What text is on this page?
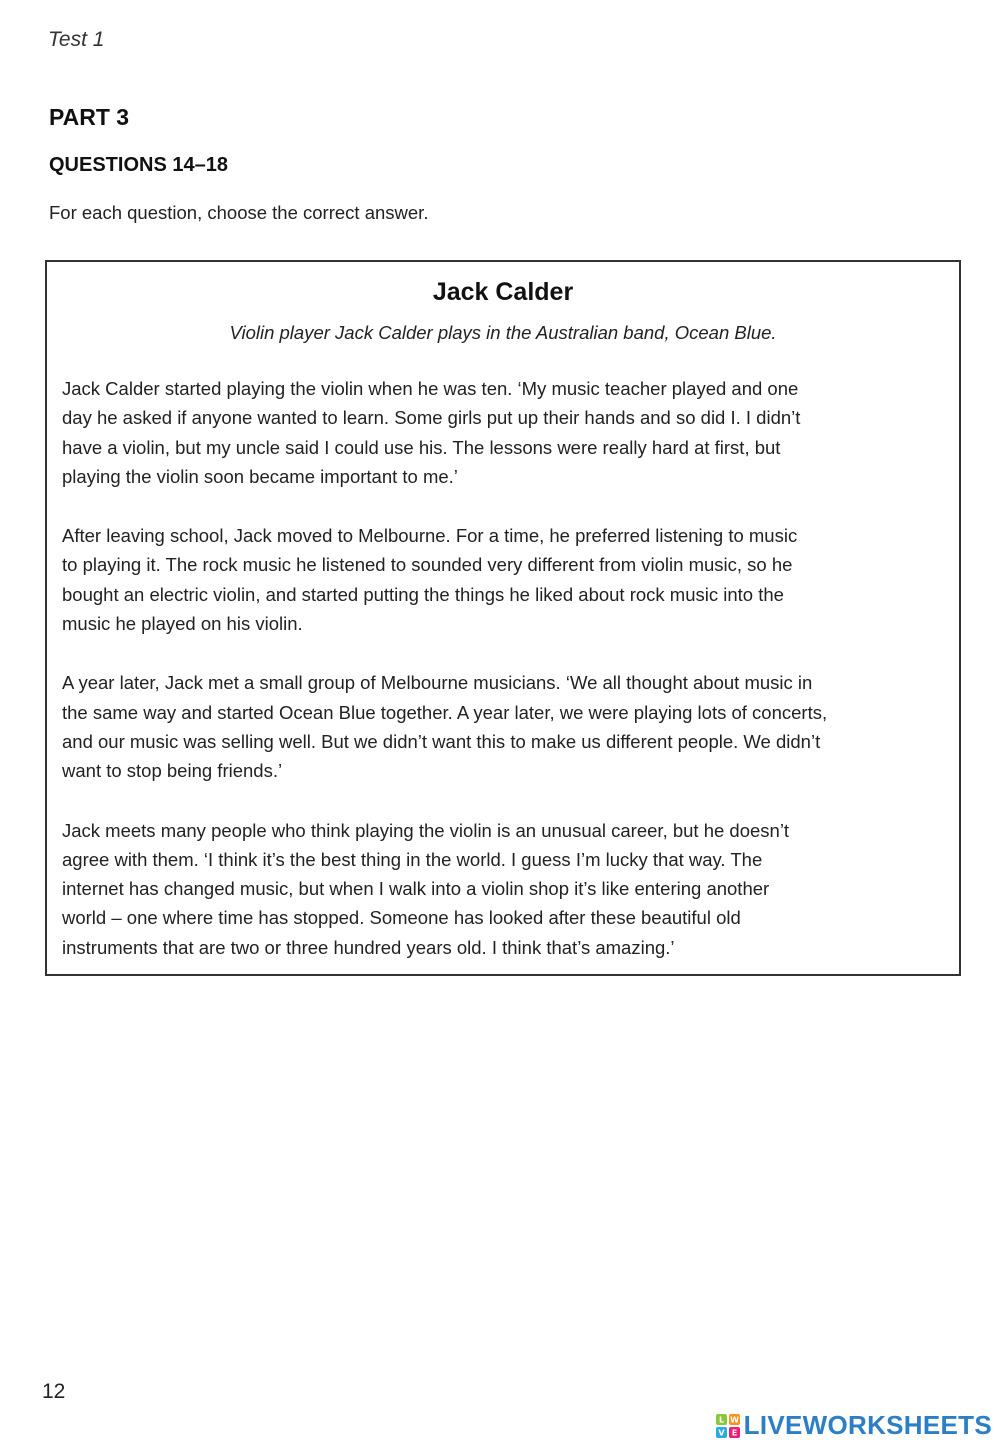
Test 1
PART 3
QUESTIONS 14–18
For each question, choose the correct answer.
Jack Calder
Violin player Jack Calder plays in the Australian band, Ocean Blue.

Jack Calder started playing the violin when he was ten. ‘My music teacher played and one
day he asked if anyone wanted to learn. Some girls put up their hands and so did I. I didn’t
have a violin, but my uncle said I could use his. The lessons were really hard at first, but
playing the violin soon became important to me.’

After leaving school, Jack moved to Melbourne. For a time, he preferred listening to music
to playing it. The rock music he listened to sounded very different from violin music, so he
bought an electric violin, and started putting the things he liked about rock music into the
music he played on his violin.

A year later, Jack met a small group of Melbourne musicians. ‘We all thought about music in
the same way and started Ocean Blue together. A year later, we were playing lots of concerts,
and our music was selling well. But we didn’t want this to make us different people. We didn’t
want to stop being friends.’

Jack meets many people who think playing the violin is an unusual career, but he doesn’t
agree with them. ‘I think it’s the best thing in the world. I guess I’m lucky that way. The
internet has changed music, but when I walk into a violin shop it’s like entering another
world – one where time has stopped. Someone has looked after these beautiful old
instruments that are two or three hundred years old. I think that’s amazing.’

12
L W
V E LIVEWORKSHEETS
